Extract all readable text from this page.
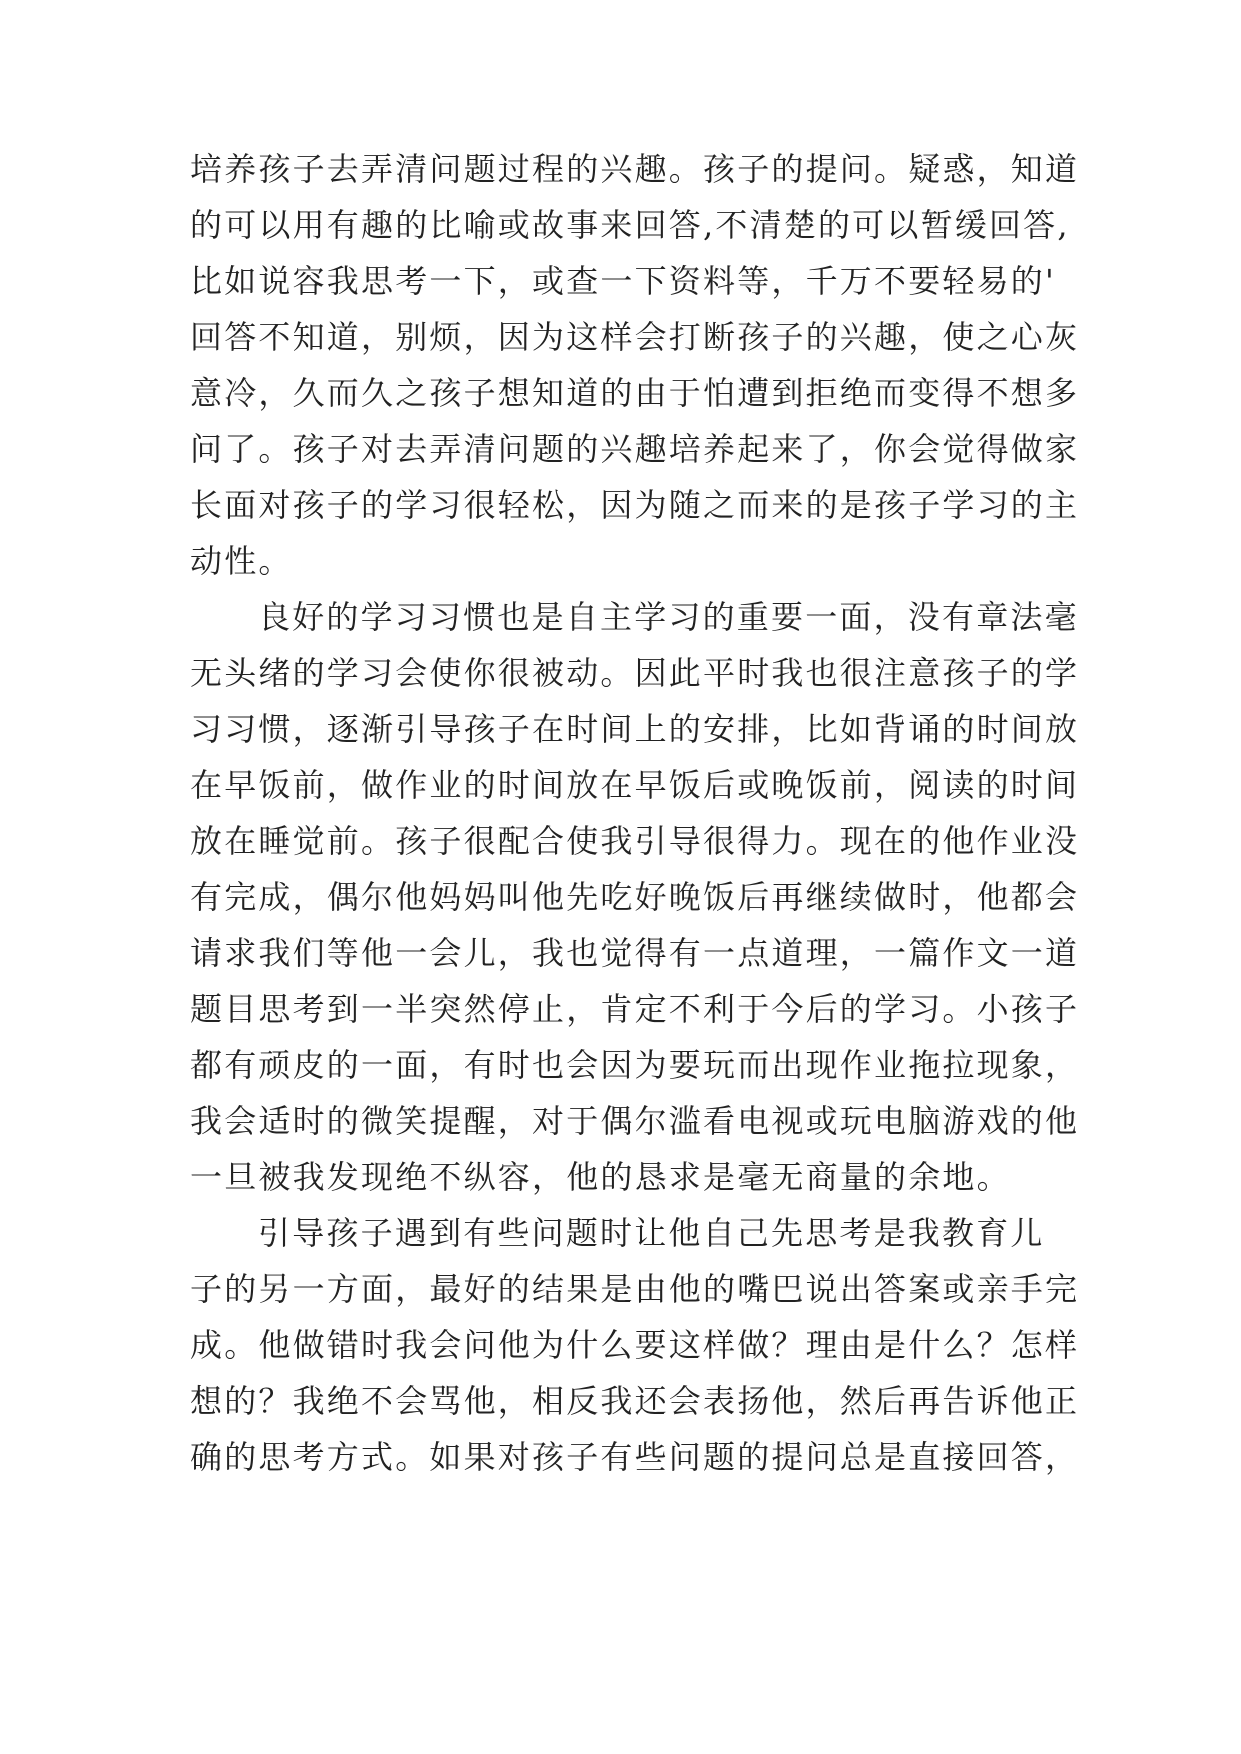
培养孩子去弄清问题过程的兴趣。孩子的提问。疑惑，知道
的可以用有趣的比喻或故事来回答,不清楚的可以暂缓回答,
比如说容我思考一下，或查一下资料等，千万不要轻易的'
回答不知道，别烦，因为这样会打断孩子的兴趣，使之心灰
意冷，久而久之孩子想知道的由于怕遭到拒绝而变得不想多
问了。孩子对去弄清问题的兴趣培养起来了，你会觉得做家
长面对孩子的学习很轻松，因为随之而来的是孩子学习的主
动性。
良好的学习习惯也是自主学习的重要一面，没有章法毫
无头绪的学习会使你很被动。因此平时我也很注意孩子的学
习习惯，逐渐引导孩子在时间上的安排，比如背诵的时间放
在早饭前，做作业的时间放在早饭后或晚饭前，阅读的时间
放在睡觉前。孩子很配合使我引导很得力。现在的他作业没
有完成，偶尔他妈妈叫他先吃好晚饭后再继续做时，他都会
请求我们等他一会儿，我也觉得有一点道理，一篇作文一道
题目思考到一半突然停止，肯定不利于今后的学习。小孩子
都有顽皮的一面，有时也会因为要玩而出现作业拖拉现象，
我会适时的微笑提醒，对于偶尔滥看电视或玩电脑游戏的他
一旦被我发现绝不纵容，他的恳求是毫无商量的余地。
引导孩子遇到有些问题时让他自己先思考是我教育儿
子的另一方面，最好的结果是由他的嘴巴说出答案或亲手完
成。他做错时我会问他为什么要这样做？理由是什么？怎样
想的？我绝不会骂他，相反我还会表扬他，然后再告诉他正
确的思考方式。如果对孩子有些问题的提问总是直接回答，
